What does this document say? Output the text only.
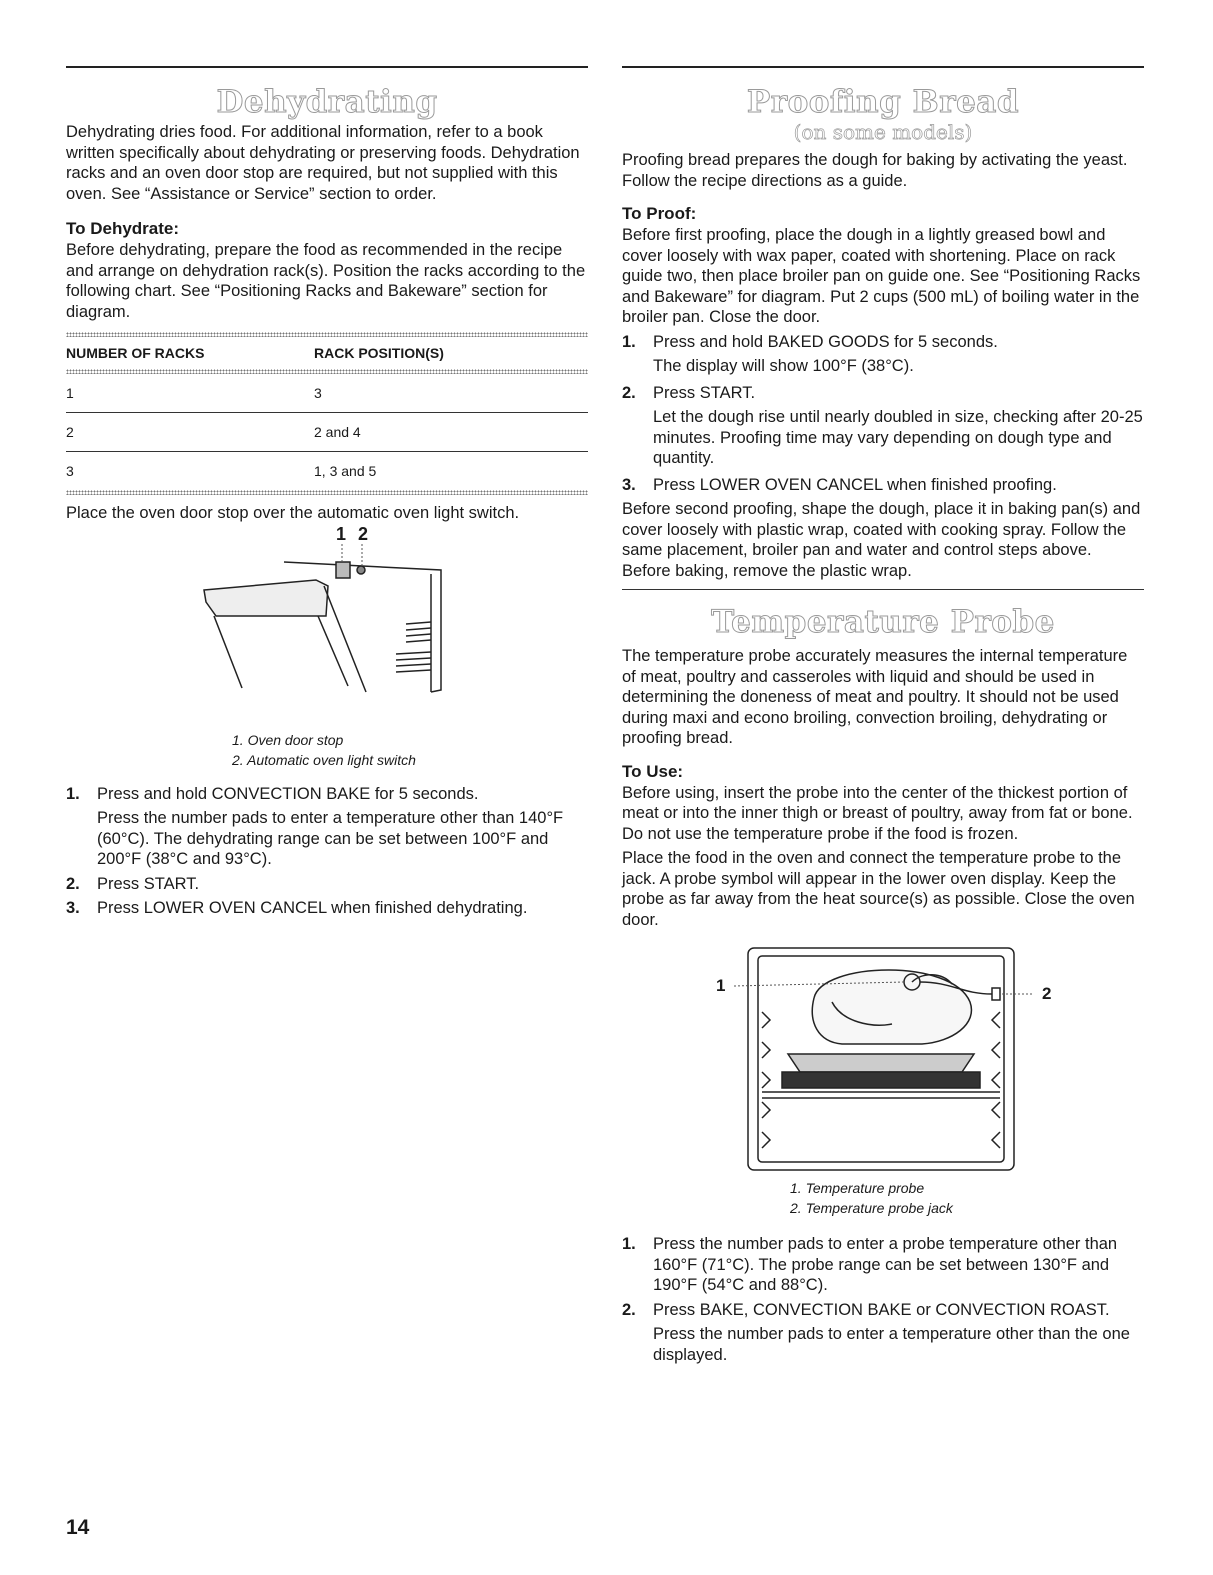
Dehydrating

Dehydrating dries food. For additional information, refer to a book written specifically about dehydrating or preserving foods. Dehydration racks and an oven door stop are required, but not supplied with this oven. See “Assistance or Service” section to order.

To Dehydrate:

Before dehydrating, prepare the food as recommended in the recipe and arrange on dehydration rack(s). Position the racks according to the following chart. See “Positioning Racks and Bakeware” section for diagram.

NUMBER OF RACKS	RACK POSITION(S)
1	3
2	2 and 4
3	1, 3 and 5

Place the oven door stop over the automatic oven light switch.

1 2
1. Oven door stop
2. Automatic oven light switch
1.	Press and hold CONVECTION BAKE for 5 seconds.
Press the number pads to enter a temperature other than 140°F (60°C). The dehydrating range can be set between 100°F and 200°F (38°C and 93°C).
2.	Press START.
3.	Press LOWER OVEN CANCEL when finished dehydrating.
Proofing Bread
(on some models)

Proofing bread prepares the dough for baking by activating the yeast. Follow the recipe directions as a guide.

To Proof:

Before first proofing, place the dough in a lightly greased bowl and cover loosely with wax paper, coated with shortening. Place on rack guide two, then place broiler pan on guide one. See “Positioning Racks and Bakeware” for diagram. Put 2 cups (500 mL) of boiling water in the broiler pan. Close the door.

1.	Press and hold BAKED GOODS for 5 seconds.
The display will show 100°F (38°C).
2.	Press START.
Let the dough rise until nearly doubled in size, checking after 20-25 minutes. Proofing time may vary depending on dough type and quantity.
3.	Press LOWER OVEN CANCEL when finished proofing.

Before second proofing, shape the dough, place it in baking pan(s) and cover loosely with plastic wrap, coated with cooking spray. Follow the same placement, broiler pan and water and control steps above. Before baking, remove the plastic wrap.

Temperature Probe

The temperature probe accurately measures the internal temperature of meat, poultry and casseroles with liquid and should be used in determining the doneness of meat and poultry. It should not be used during maxi and econo broiling, convection broiling, dehydrating or proofing bread.

To Use:

Before using, insert the probe into the center of the thickest portion of meat or into the inner thigh or breast of poultry, away from fat or bone. Do not use the temperature probe if the food is frozen.

Place the food in the oven and connect the temperature probe to the jack. A probe symbol will appear in the lower oven display. Keep the probe as far away from the heat source(s) as possible. Close the oven door.

1	2
1. Temperature probe
2. Temperature probe jack
1.	Press the number pads to enter a probe temperature other than 160°F (71°C). The probe range can be set between 130°F and 190°F (54°C and 88°C).
2.	Press BAKE, CONVECTION BAKE or CONVECTION ROAST.
Press the number pads to enter a temperature other than the one displayed.
14
